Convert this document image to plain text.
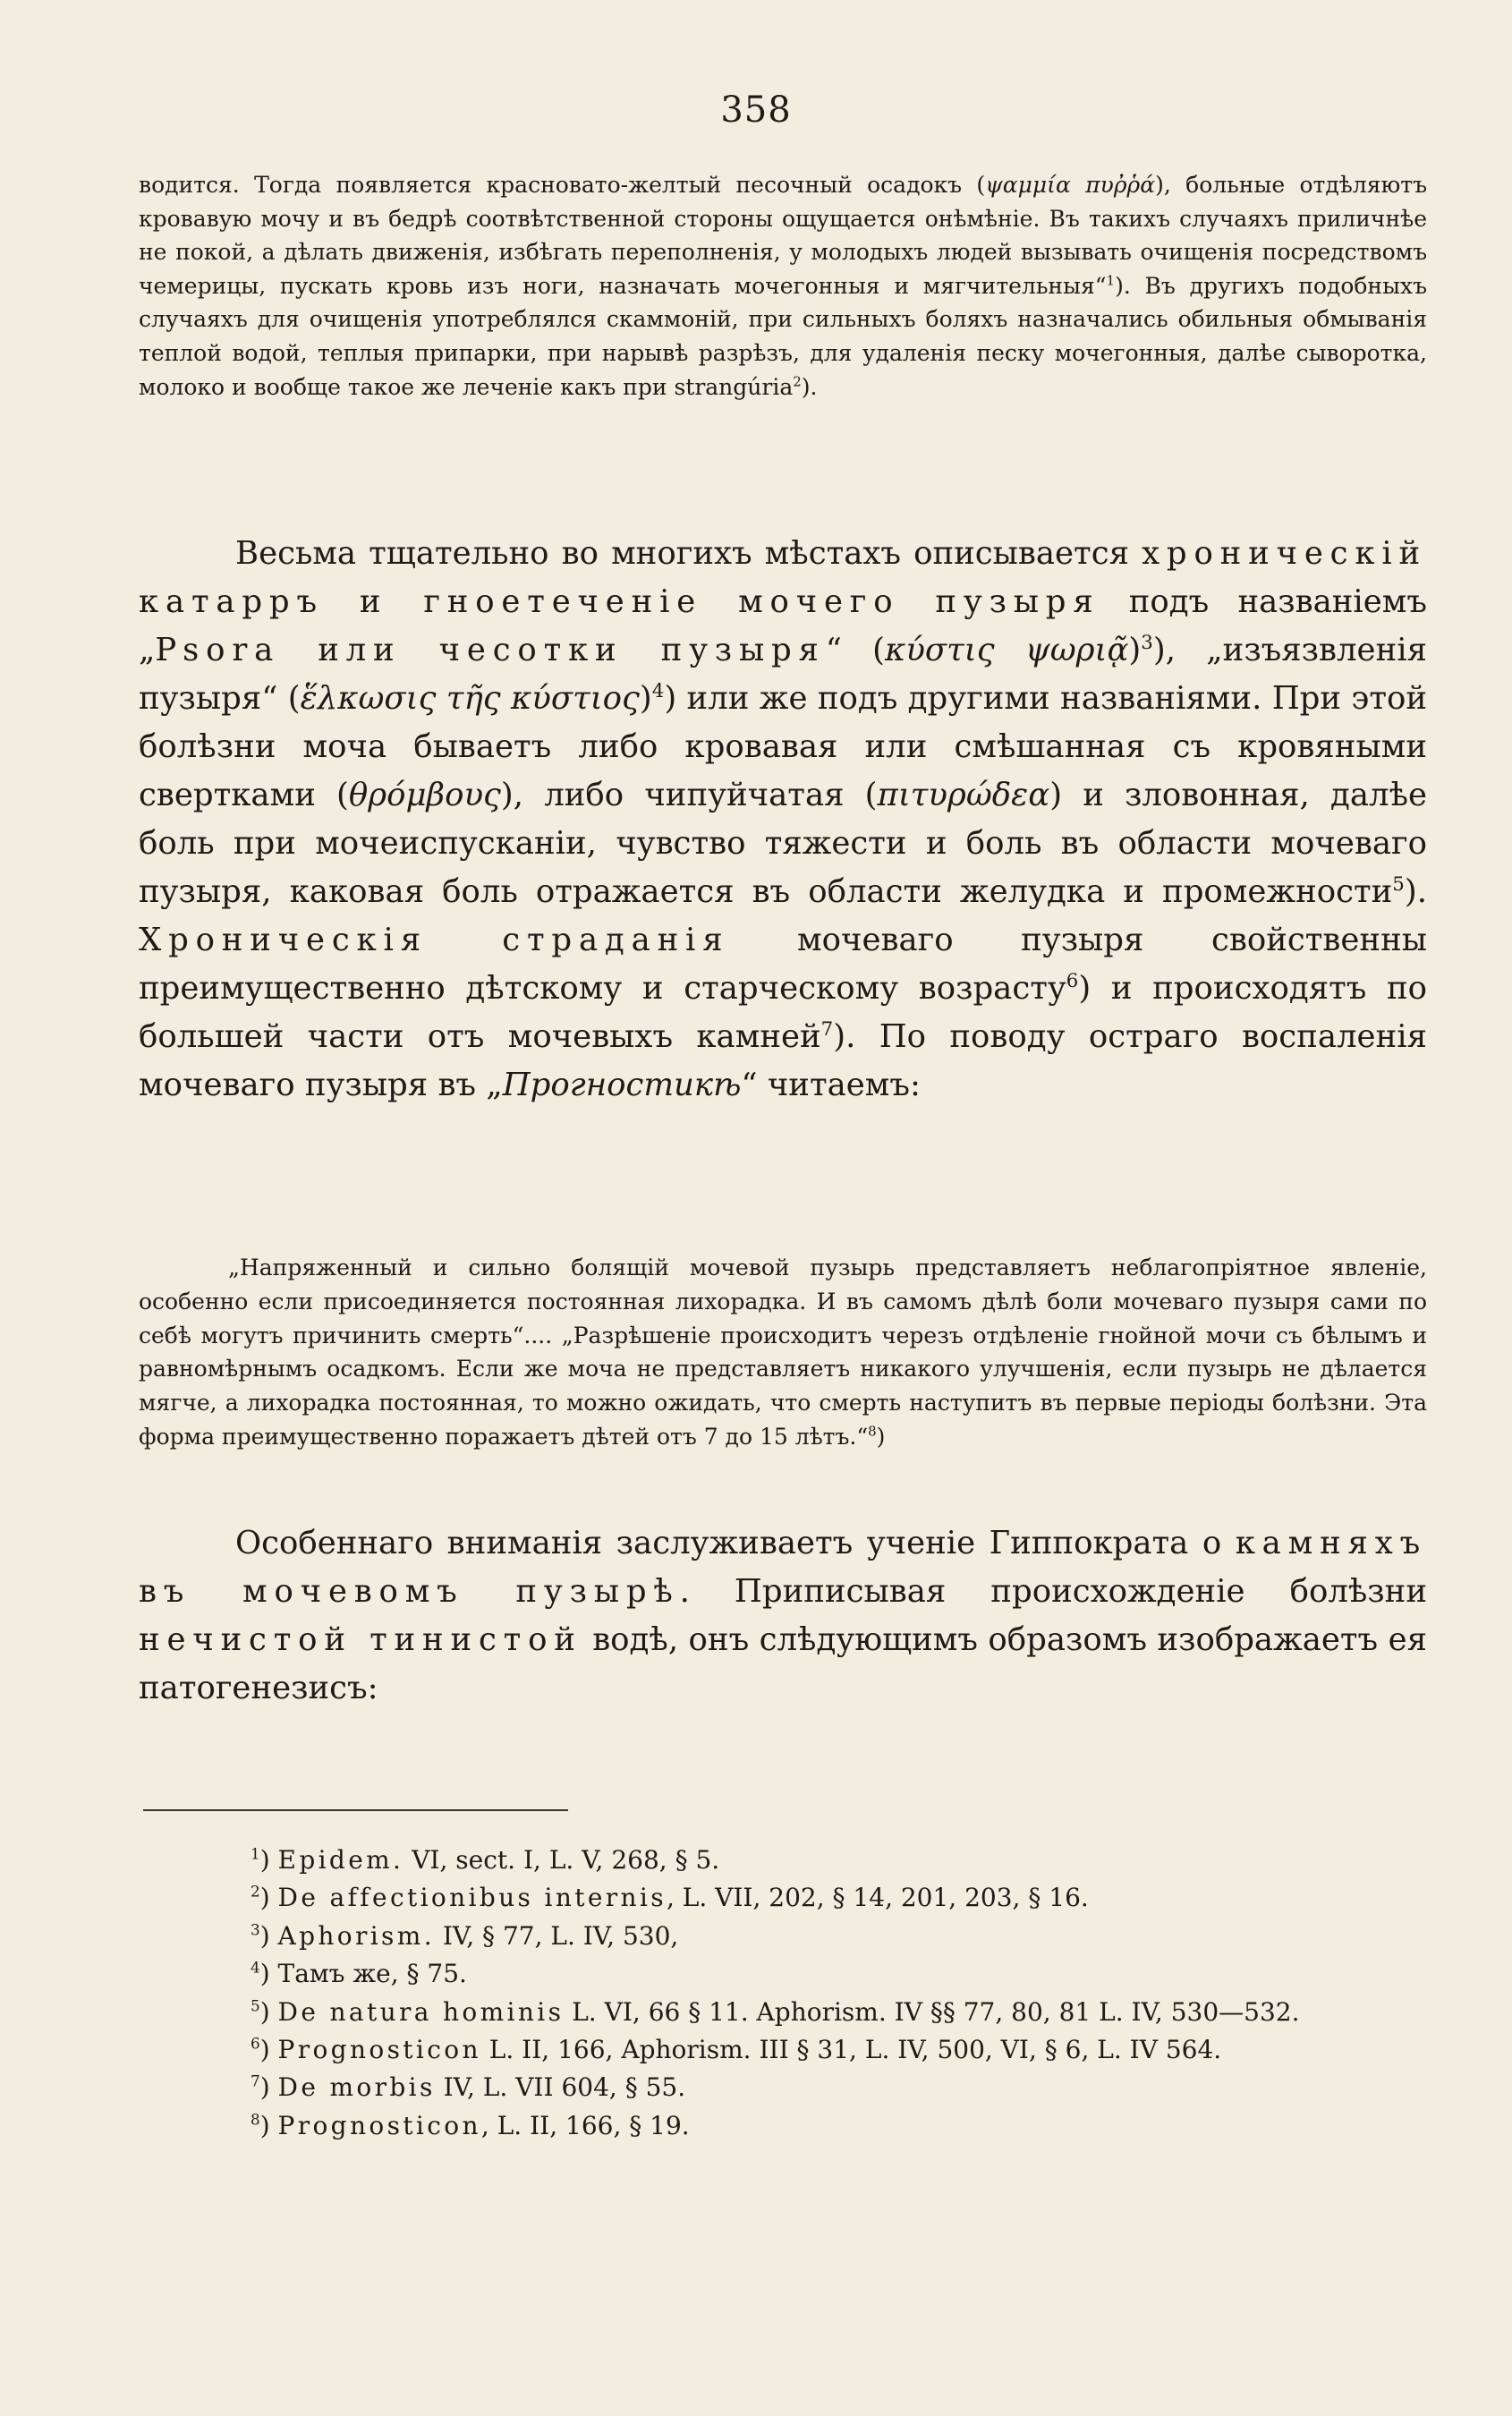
358

водится. Тогда появляется красновато-желтый песочный осадокъ (ψαμμία πυῤῥά), больные отдѣляютъ кровавую мочу и въ бедрѣ соотвѣтственной стороны ощущается онѣмѣніе. Въ такихъ случаяхъ приличнѣе не покой, а дѣлать движенія, избѣгать переполненія, у молодыхъ людей вызывать очищенія посредствомъ чемерицы, пускать кровь изъ ноги, назначать мочегонныя и мягчительныя“$^1$). Въ другихъ подобныхъ случаяхъ для очищенія употреблялся скаммоній, при сильныхъ боляхъ назначались обильныя обмыванія теплой водой, теплыя припарки, при нарывѣ разрѣзъ, для удаленія песку мочегонныя, далѣе сыворотка, молоко и вообще такое же леченіе какъ при strangúria$^2$).

Весьма тщательно во многихъ мѣстахъ описывается хроническій катарръ и гноетеченіе мочего пузыря подъ названіемъ „Psora или чесотки пузыря“ (κύστις ψωριᾷ)$^3$), „изъязвленія пузыря“ (ἕλκωσις τῆς κύστιος)$^4$) или же подъ другими названіями. При этой болѣзни моча бываетъ либо кровавая или смѣшанная съ кровяными свертками (θρόμβους), либо чипуйчатая (πιτυρώδεα) и зловонная, далѣе боль при мочеиспусканіи, чувство тяжести и боль въ области мочеваго пузыря, каковая боль отражается въ области желудка и промежности$^5$). Хроническія страданія мочеваго пузыря свойственны преимущественно дѣтскому и старческому возрасту$^6$) и происходятъ по большей части отъ мочевыхъ камней$^7$). По поводу остраго воспаленія мочеваго пузыря въ „Прогностикѣ“ читаемъ:

„Напряженный и сильно болящій мочевой пузырь представляетъ неблагопріятное явленіе, особенно если присоединяется постоянная лихорадка. И въ самомъ дѣлѣ боли мочеваго пузыря сами по себѣ могутъ причинить смерть“.... „Разрѣшеніе происходитъ черезъ отдѣленіе гнойной мочи съ бѣлымъ и равномѣрнымъ осадкомъ. Если же моча не представляетъ никакого улучшенія, если пузырь не дѣлается мягче, а лихорадка постоянная, то можно ожидать, что смерть наступитъ въ первые періоды болѣзни. Эта форма преимущественно поражаетъ дѣтей отъ 7 до 15 лѣтъ.“$^8$)

Особеннаго вниманія заслуживаетъ ученіе Гиппократа о камняхъ въ мочевомъ пузырѣ. Приписывая происхожденіе болѣзни нечистой тинистой водѣ, онъ слѣдующимъ образомъ изображаетъ ея патогенезисъ:

$^1$) Epidem. VI, sect. I, L. V, 268, § 5.
$^2$) De affectionibus internis, L. VII, 202, § 14, 201, 203, § 16.
$^3$) Aphorism. IV, § 77, L. IV, 530,
$^4$) Тамъ же, § 75.
$^5$) De natura hominis L. VI, 66 § 11. Aphorism. IV §§ 77, 80, 81 L. IV, 530—532.
$^6$) Prognosticon L. II, 166, Aphorism. III § 31, L. IV, 500, VI, § 6, L. IV 564.
$^7$) De morbis IV, L. VII 604, § 55.
$^8$) Prognosticon, L. II, 166, § 19.
